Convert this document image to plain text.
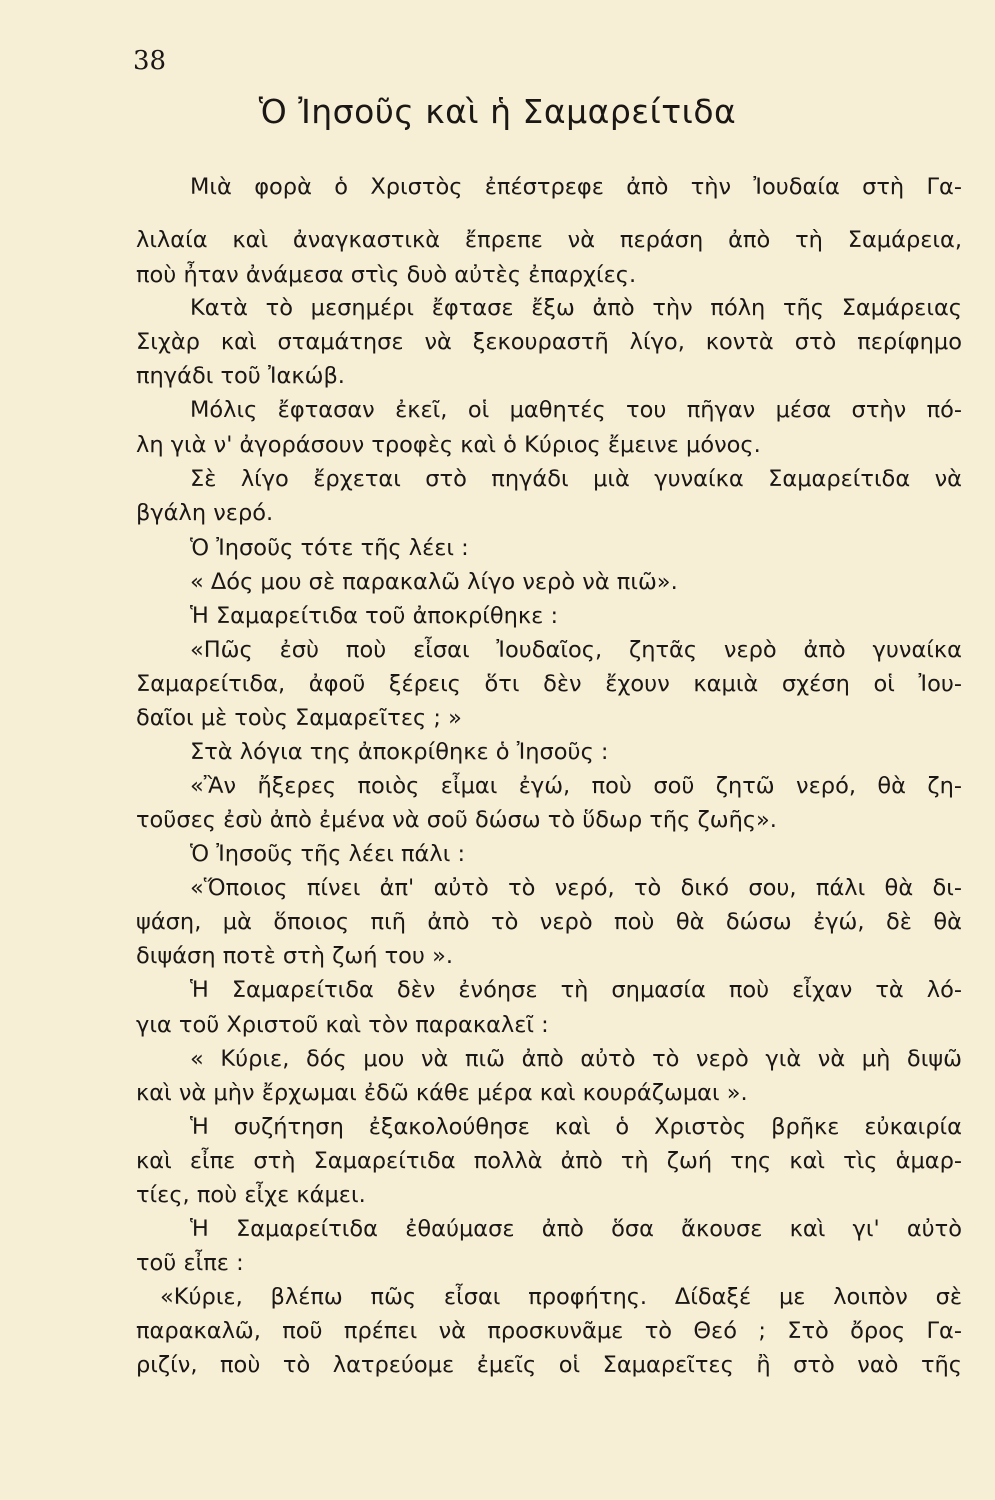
38
Ὁ Ἰησοῦς καὶ ἡ Σαμαρείτιδα
Μιὰ φορὰ ὁ Χριστὸς ἐπέστρεφε ἀπὸ τὴν Ἰουδαία στὴ Γα-
λιλαία καὶ ἀναγκαστικὰ ἔπρεπε νὰ περάση ἀπὸ τὴ Σαμάρεια,
ποὺ ἦταν ἀνάμεσα στὶς δυὸ αὐτὲς ἐπαρχίες.
Κατὰ τὸ μεσημέρι ἔφτασε ἔξω ἀπὸ τὴν πόλη τῆς Σαμάρειας
Σιχὰρ καὶ σταμάτησε νὰ ξεκουραστῆ λίγο, κοντὰ στὸ περίφημο
πηγάδι τοῦ Ἰακώβ.
Μόλις ἔφτασαν ἐκεῖ, οἱ μαθητές του πῆγαν μέσα στὴν πό-
λη γιὰ ν' ἀγοράσουν τροφὲς καὶ ὁ Κύριος ἔμεινε μόνος.
Σὲ λίγο ἔρχεται στὸ πηγάδι μιὰ γυναίκα Σαμαρείτιδα νὰ
βγάλη νερό.
Ὁ Ἰησοῦς τότε τῆς λέει :
« Δός μου σὲ παρακαλῶ λίγο νερὸ νὰ πιῶ».
Ἡ Σαμαρείτιδα τοῦ ἀποκρίθηκε :
«Πῶς ἐσὺ ποὺ εἶσαι Ἰουδαῖος, ζητᾶς νερὸ ἀπὸ γυναίκα
Σαμαρείτιδα, ἀφοῦ ξέρεις ὅτι δὲν ἔχουν καμιὰ σχέση οἱ Ἰου-
δαῖοι μὲ τοὺς Σαμαρεῖτες ; »
Στὰ λόγια της ἀποκρίθηκε ὁ Ἰησοῦς :
«Ἂν ἤξερες ποιὸς εἶμαι ἐγώ, ποὺ σοῦ ζητῶ νερό, θὰ ζη-
τοῦσες ἐσὺ ἀπὸ ἐμένα νὰ σοῦ δώσω τὸ ὕδωρ τῆς ζωῆς».
Ὁ Ἰησοῦς τῆς λέει πάλι :
«Ὅποιος πίνει ἀπ' αὐτὸ τὸ νερό, τὸ δικό σου, πάλι θὰ δι-
ψάση, μὰ ὅποιος πιῆ ἀπὸ τὸ νερὸ ποὺ θὰ δώσω ἐγώ, δὲ θὰ
διψάση ποτὲ στὴ ζωή του ».
Ἡ Σαμαρείτιδα δὲν ἐνόησε τὴ σημασία ποὺ εἶχαν τὰ λό-
για τοῦ Χριστοῦ καὶ τὸν παρακαλεῖ :
« Κύριε, δός μου νὰ πιῶ ἀπὸ αὐτὸ τὸ νερὸ γιὰ νὰ μὴ διψῶ
καὶ νὰ μὴν ἔρχωμαι ἐδῶ κάθε μέρα καὶ κουράζωμαι ».
Ἡ συζήτηση ἐξακολούθησε καὶ ὁ Χριστὸς βρῆκε εὐκαιρία
καὶ εἶπε στὴ Σαμαρείτιδα πολλὰ ἀπὸ τὴ ζωή της καὶ τὶς ἁμαρ-
τίες, ποὺ εἶχε κάμει.
Ἡ Σαμαρείτιδα ἐθαύμασε ἀπὸ ὅσα ἄκουσε καὶ γι' αὐτὸ
τοῦ εἶπε :
«Κύριε, βλέπω πῶς εἶσαι προφήτης. Δίδαξέ με λοιπὸν σὲ
παρακαλῶ, ποῦ πρέπει νὰ προσκυνᾶμε τὸ Θεό ; Στὸ ὄρος Γα-
ριζίν, ποὺ τὸ λατρεύομε ἐμεῖς οἱ Σαμαρεῖτες ἢ στὸ ναὸ τῆς
